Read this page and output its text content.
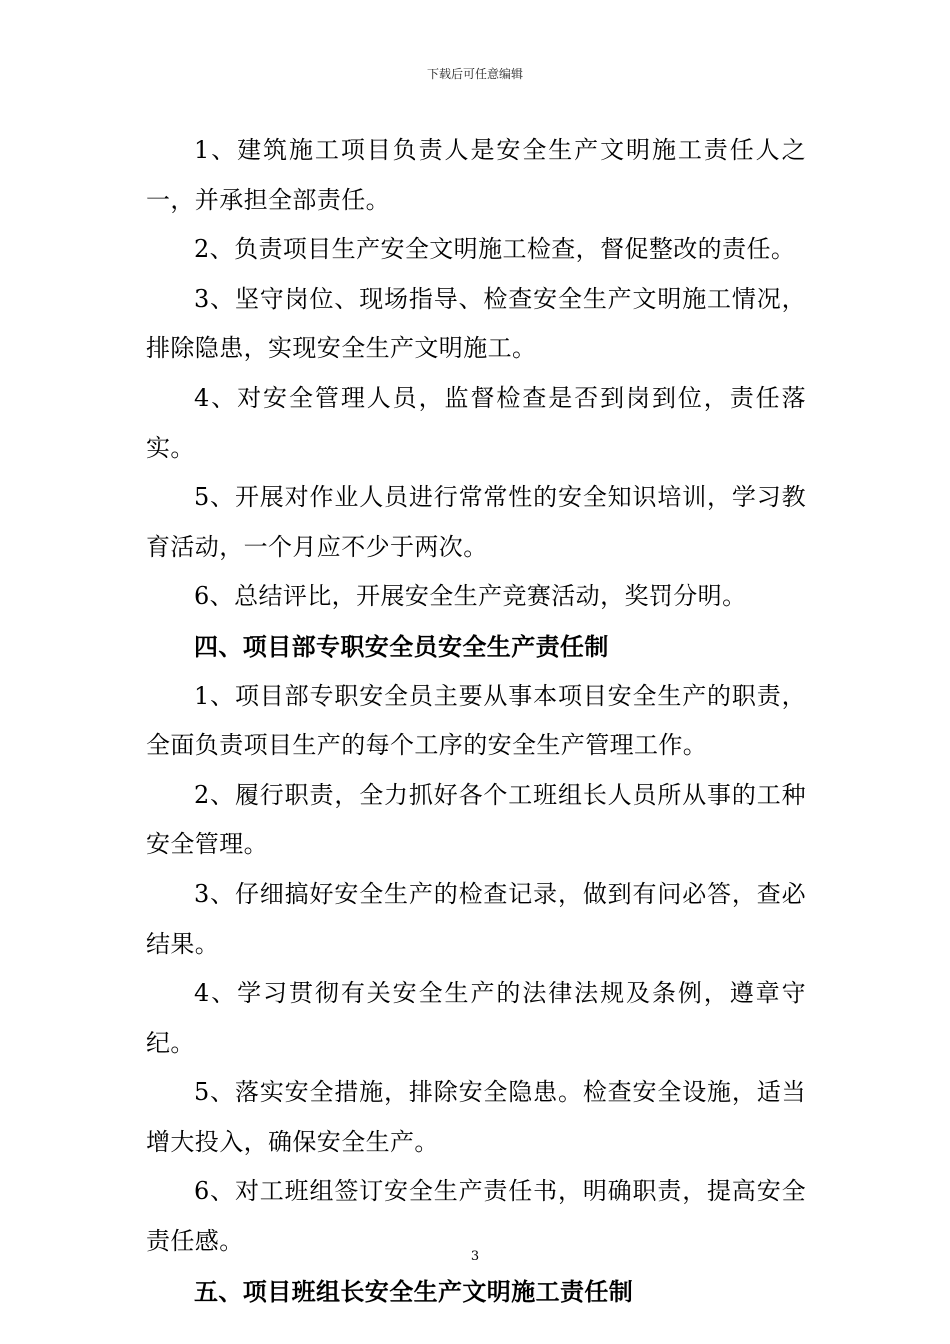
下载后可任意编辑

1、建筑施工项目负责人是安全生产文明施工责任人之一，并承担全部责任。

2、负责项目生产安全文明施工检查，督促整改的责任。

3、坚守岗位、现场指导、检查安全生产文明施工情况，排除隐患，实现安全生产文明施工。

4、对安全管理人员，监督检查是否到岗到位，责任落实。

5、开展对作业人员进行常常性的安全知识培训，学习教育活动，一个月应不少于两次。

6、总结评比，开展安全生产竞赛活动，奖罚分明。

四、项目部专职安全员安全生产责任制

1、项目部专职安全员主要从事本项目安全生产的职责，全面负责项目生产的每个工序的安全生产管理工作。

2、履行职责，全力抓好各个工班组长人员所从事的工种安全管理。

3、仔细搞好安全生产的检查记录，做到有问必答，查必结果。

4、学习贯彻有关安全生产的法律法规及条例，遵章守纪。

5、落实安全措施，排除安全隐患。检查安全设施，适当增大投入，确保安全生产。

6、对工班组签订安全生产责任书，明确职责，提高安全责任感。

五、项目班组长安全生产文明施工责任制

3
